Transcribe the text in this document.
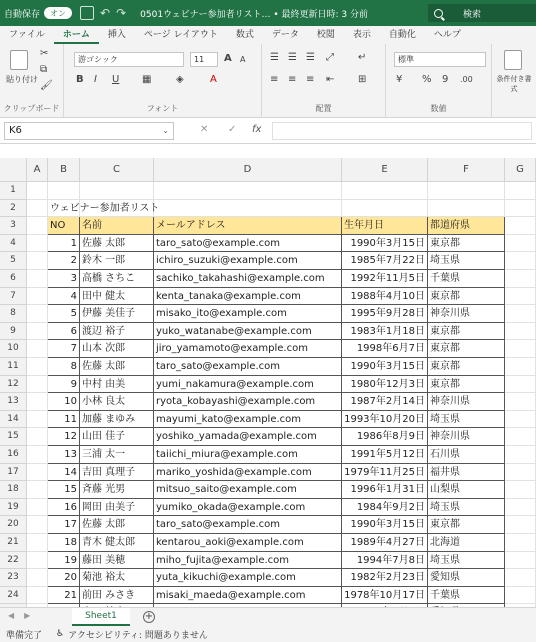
自動保存	オン	↶ ↷ 0501ウェビナー参加者リスト… • 最終更新日時: 3 分前	検索
ファイル	ホーム	挿入	ページ レイアウト	数式	データ	校閲	表示	自動化	ヘルプ
貼り付け
✂
⧉
🖌
クリップボード
游ゴシック	11	A A
B I U ▦ ◈	A
フォント
☰ ☰ ☰ ⤢ ↵
≡ ≡ ≡ ⇤ ⊞
配置
標準
¥ % 9 .00
数値
条件付き書式
K6	⌄	✕ ✓ fx
A	B	C	D	E	F	G
1
2
3
4
5
6
7
8
9
10
11
12
13
14
15
16
17
18
19
20
21
22
23
24
ウェビナー参加者リスト
NO	名前	メールアドレス	生年月日	都道府県
1 佐藤 太郎	taro_sato@example.com	1990年3月15日 東京都
2 鈴木 一郎	ichiro_suzuki@example.com	1985年7月22日 埼玉県
3 高橋 さちこ	sachiko_takahashi@example.com	1992年11月5日 千葉県
4 田中 健太	kenta_tanaka@example.com	1988年4月10日 東京都
5 伊藤 美佳子	misako_ito@example.com	1995年9月28日 神奈川県
6 渡辺 裕子	yuko_watanabe@example.com	1983年1月18日 東京都
7 山本 次郎	jiro_yamamoto@example.com	1998年6月7日 東京都
8 佐藤 太郎	taro_sato@example.com	1990年3月15日 東京都
9 中村 由美	yumi_nakamura@example.com	1980年12月3日 東京都
10 小林 良太	ryota_kobayashi@example.com	1987年2月14日 神奈川県
11 加藤 まゆみ	mayumi_kato@example.com	1993年10月20日 埼玉県
12 山田 佳子	yoshiko_yamada@example.com	1986年8月9日 神奈川県
13 三浦 太一	taiichi_miura@example.com	1991年5月12日 石川県
14 吉田 真理子	mariko_yoshida@example.com	1979年11月25日 福井県
15 斉藤 光男	mitsuo_saito@example.com	1996年1月31日 山梨県
16 岡田 由美子	yumiko_okada@example.com	1984年9月2日 埼玉県
17 佐藤 太郎	taro_sato@example.com	1990年3月15日 東京都
18 青木 健太郎	kentarou_aoki@example.com	1989年4月27日 北海道
19 藤田 美穂	miho_fujita@example.com	1994年7月8日 埼玉県
20 菊池 裕太	yuta_kikuchi@example.com	1982年2月23日 愛知県
21 前田 みさき	misaki_maeda@example.com	1978年10月17日 千葉県
◀▶	Sheet1	+
準備完了 ♿ アクセシビリティ: 問題ありません
